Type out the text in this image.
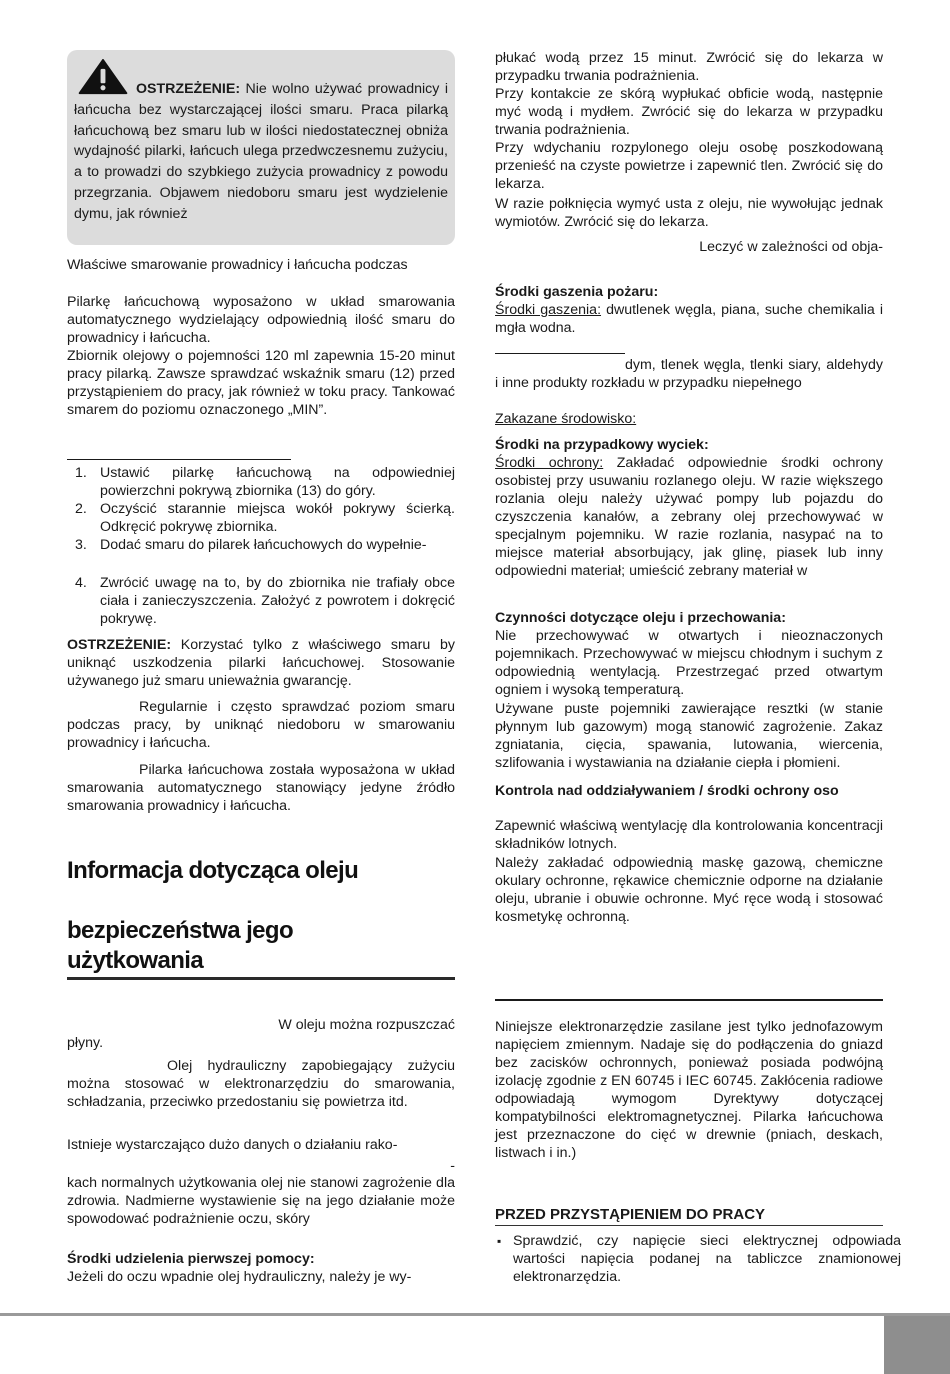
OSTRZEŻENIE: Nie wolno używać prowadnicy i łańcucha bez wystarczającej ilości smaru. Praca pilarką łańcuchową bez smaru lub w ilości niedostatecznej obniża wydajność pilarki, łańcuch ulega przedwczesnemu zużyciu, a to prowadzi do szybkiego zużycia prowadnicy z powodu przegrzania. Objawem niedoboru smaru jest wydzielenie dymu, jak również

Właściwe smarowanie prowadnicy i łańcucha podczas

Pilarkę łańcuchową wyposażono w układ smarowania automatycznego wydzielający odpowiednią ilość smaru do prowadnicy i łańcucha.

Zbiornik olejowy o pojemności 120 ml zapewnia 15-20 minut pracy pilarką. Zawsze sprawdzać wskaźnik smaru (12) przed przystąpieniem do pracy, jak również w toku pracy. Tankować smarem do poziomu oznaczonego „MIN”.

1. Ustawić pilarkę łańcuchową na odpowiedniej powierzchni pokrywą zbiornika (13) do góry.
2. Oczyścić starannie miejsca wokół pokrywy ścierką. Odkręcić pokrywę zbiornika.
3. Dodać smaru do pilarek łańcuchowych do wypełnie-
4. Zwrócić uwagę na to, by do zbiornika nie trafiały obce ciała i zanieczyszczenia. Założyć z powrotem i dokręcić pokrywę.

OSTRZEŻENIE: Korzystać tylko z właściwego smaru by uniknąć uszkodzenia pilarki łańcuchowej. Stosowanie używanego już smaru unieważnia gwarancję.

Regularnie i często sprawdzać poziom smaru podczas pracy, by uniknąć niedoboru w smarowaniu prowadnicy i łańcucha.

Pilarka łańcuchowa została wyposażona w układ smarowania automatycznego stanowiący jedyne źródło smarowania prowadnicy i łańcucha.

Informacja dotycząca oleju
bezpieczeństwa jego
użytkowania

W oleju można rozpuszczać

płyny.

Olej hydrauliczny zapobiegający zużyciu można stosować w elektronarzędziu do smarowania, schładzania, przeciwko przedostaniu się powietrza itd.

Istnieje wystarczająco dużo danych o działaniu rako-

-

kach normalnych użytkowania olej nie stanowi zagrożenie dla zdrowia. Nadmierne wystawienie się na jego działanie może spowodować podrażnienie oczu, skóry

Środki udzielenia pierwszej pomocy:

Jeżeli do oczu wpadnie olej hydrauliczny, należy je wy-

płukać wodą przez 15 minut. Zwrócić się do lekarza w przypadku trwania podrażnienia.

Przy kontakcie ze skórą wypłukać obficie wodą, następnie myć wodą i mydłem. Zwrócić się do lekarza w przypadku trwania podrażnienia.

Przy wdychaniu rozpylonego oleju osobę poszkodowaną przenieść na czyste powietrze i zapewnić tlen. Zwrócić się do lekarza.

W razie połknięcia wymyć usta z oleju, nie wywołując jednak wymiotów. Zwrócić się do lekarza.

Leczyć w zależności od obja-

Środki gaszenia pożaru:

Środki gaszenia: dwutlenek węgla, piana, suche chemikalia i mgła wodna.

dym, tlenek węgla, tlenki siary, aldehydy i inne produkty rozkładu w przypadku niepełnego

Zakazane środowisko:

Środki na przypadkowy wyciek:

Środki ochrony: Zakładać odpowiednie środki ochrony osobistej przy usuwaniu rozlanego oleju. W razie większego rozlania oleju należy używać pompy lub pojazdu do czyszczenia kanałów, a zebrany olej przechowywać w specjalnym pojemniku. W razie rozlania, nasypać na to miejsce materiał absorbujący, jak glinę, piasek lub inny odpowiedni materiał; umieścić zebrany materiał w

Czynności dotyczące oleju i przechowania:

Nie przechowywać w otwartych i nieoznaczonych pojemnikach. Przechowywać w miejscu chłodnym i suchym z odpowiednią wentylacją. Przestrzegać przed otwartym ogniem i wysoką temperaturą.

Używane puste pojemniki zawierające resztki (w stanie płynnym lub gazowym) mogą stanowić zagrożenie. Zakaz zgniatania, cięcia, spawania, lutowania, wiercenia, szlifowania i wystawiania na działanie ciepła i płomieni.

Kontrola nad oddziaływaniem / środki ochrony oso

Zapewnić właściwą wentylację dla kontrolowania koncentracji składników lotnych.

Należy zakładać odpowiednią maskę gazową, chemiczne okulary ochronne, rękawice chemicznie odporne na działanie oleju, ubranie i obuwie ochronne. Myć ręce wodą i stosować kosmetykę ochronną.

Niniejsze elektronarzędzie zasilane jest tylko jednofazowym napięciem zmiennym. Nadaje się do podłączenia do gniazd bez zacisków ochronnych, ponieważ posiada podwójną izolację zgodnie z EN 60745 i IEC 60745. Zakłócenia radiowe odpowiadają wymogom Dyrektywy dotyczącej kompatybilności elektromagnetycznej. Pilarka łańcuchowa jest przeznaczone do cięć w drewnie (pniach, deskach, listwach i in.)

PRZED PRZYSTĄPIENIEM DO PRACY
▪ Sprawdzić, czy napięcie sieci elektrycznej odpowiada wartości napięcia podanej na tabliczce znamionowej elektronarzędzia.
